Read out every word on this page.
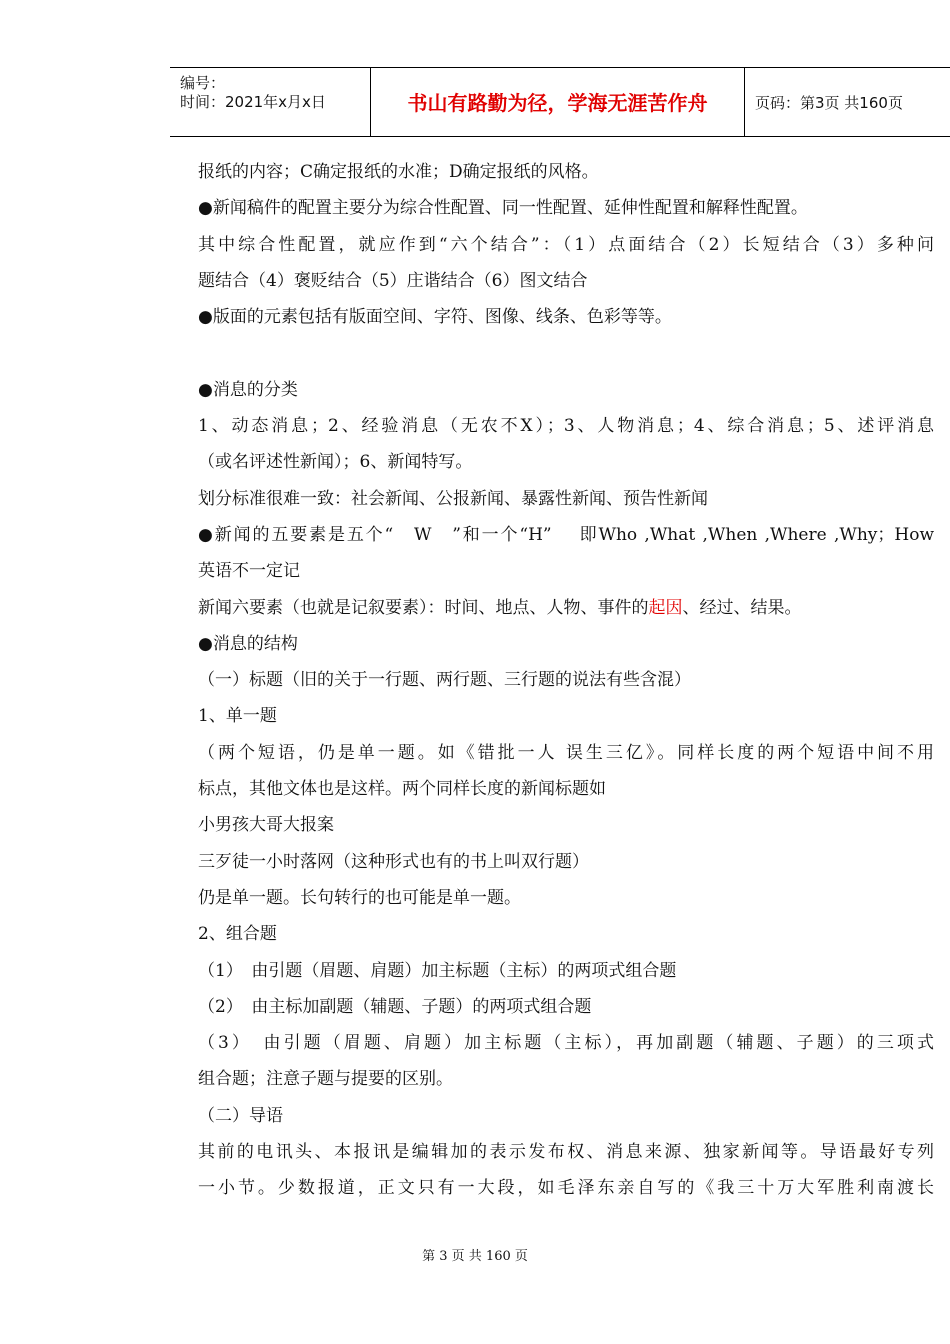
编号：
时间：2021年x月x日	书山有路勤为径，学海无涯苦作舟	页码：第3页 共160页
报纸的内容；C确定报纸的水准；D确定报纸的风格。
●新闻稿件的配置主要分为综合性配置、同一性配置、延伸性配置和解释性配置。
其中综合性配置，就应作到“六个结合”：（1）点面结合（2）长短结合（3）多种问
题结合（4）褒贬结合（5）庄谐结合（6）图文结合
●版面的元素包括有版面空间、字符、图像、线条、色彩等等。
●消息的分类
1、动态消息；2、经验消息（无农不X）；3、人物消息；4、综合消息；5、述评消息
（或名评述性新闻）；6、新闻特写。
划分标准很难一致：社会新闻、公报新闻、暴露性新闻、预告性新闻
●新闻的五要素是五个“　W　”和一个“H”　 即Who ,What ,When ,Where ,Why；How
英语不一定记
新闻六要素（也就是记叙要素）：时间、地点、人物、事件的起因、经过、结果。
●消息的结构
（一）标题（旧的关于一行题、两行题、三行题的说法有些含混）
1、单一题
（两个短语，仍是单一题。如《错批一人 误生三亿》。同样长度的两个短语中间不用
标点，其他文体也是这样。两个同样长度的新闻标题如
小男孩大哥大报案
三歹徒一小时落网（这种形式也有的书上叫双行题）
仍是单一题。长句转行的也可能是单一题。
2、组合题
（1）　由引题（眉题、肩题）加主标题（主标）的两项式组合题
（2）　由主标加副题（辅题、子题）的两项式组合题
（3）　由引题（眉题、肩题）加主标题（主标），再加副题（辅题、子题）的三项式
组合题；注意子题与提要的区别。
（二）导语
其前的电讯头、本报讯是编辑加的表示发布权、消息来源、独家新闻等。导语最好专列
一小节。少数报道，正文只有一大段，如毛泽东亲自写的《我三十万大军胜利南渡长
第 3 页 共 160 页
